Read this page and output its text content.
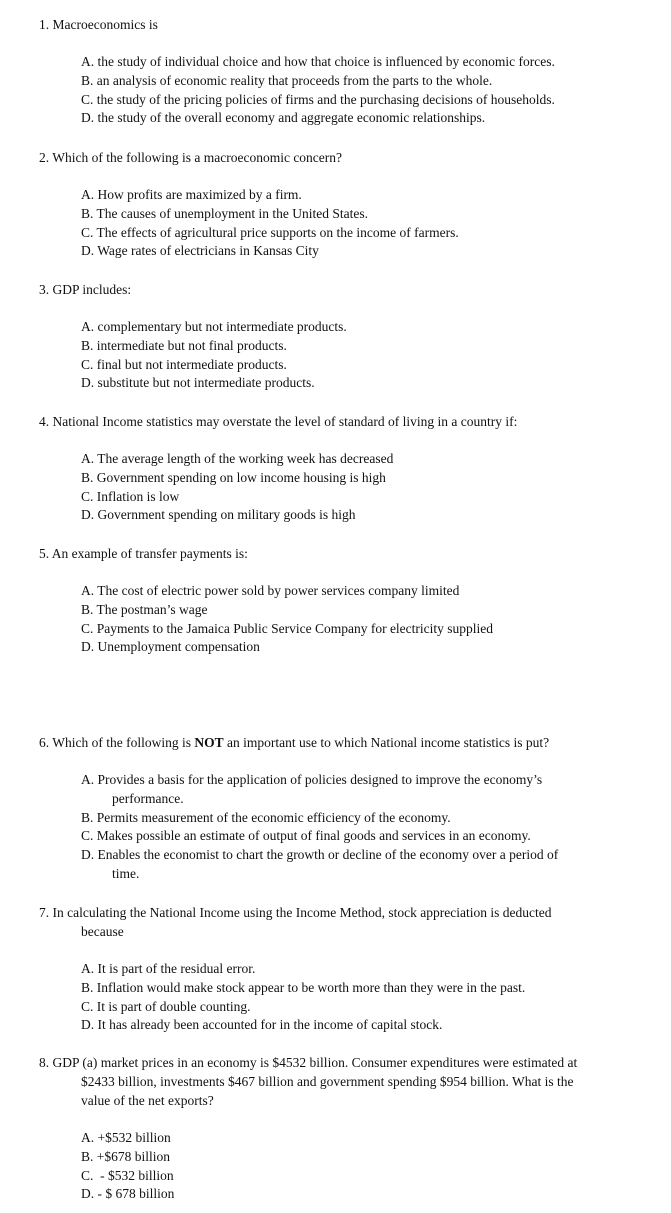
1. Macroeconomics is
A. the study of individual choice and how that choice is influenced by economic forces.
B. an analysis of economic reality that proceeds from the parts to the whole.
C. the study of the pricing policies of firms and the purchasing decisions of households.
D. the study of the overall economy and aggregate economic relationships.
2. Which of the following is a macroeconomic concern?
A. How profits are maximized by a firm.
B. The causes of unemployment in the United States.
C. The effects of agricultural price supports on the income of farmers.
D. Wage rates of electricians in Kansas City
3. GDP includes:
A. complementary but not intermediate products.
B. intermediate but not final products.
C. final but not intermediate products.
D. substitute but not intermediate products.
4. National Income statistics may overstate the level of standard of living in a country if:
A. The average length of the working week has decreased
B. Government spending on low income housing is high
C. Inflation is low
D. Government spending on military goods is high
5. An example of transfer payments is:
A. The cost of electric power sold by power services company limited
B. The postman’s wage
C. Payments to the Jamaica Public Service Company for electricity supplied
D. Unemployment compensation
6. Which of the following is NOT an important use to which National income statistics is put?
A. Provides a basis for the application of policies designed to improve the economy’s
performance.
B. Permits measurement of the economic efficiency of the economy.
C. Makes possible an estimate of output of final goods and services in an economy.
D. Enables the economist to chart the growth or decline of the economy over a period of
time.
7. In calculating the National Income using the Income Method, stock appreciation is deducted
because
A. It is part of the residual error.
B. Inflation would make stock appear to be worth more than they were in the past.
C. It is part of double counting.
D. It has already been accounted for in the income of capital stock.
8. GDP (a) market prices in an economy is $4532 billion. Consumer expenditures were estimated at
$2433 billion, investments $467 billion and government spending $954 billion. What is the
value of the net exports?
A. +$532 billion
B. +$678 billion
C.  - $532 billion
D. - $ 678 billion
